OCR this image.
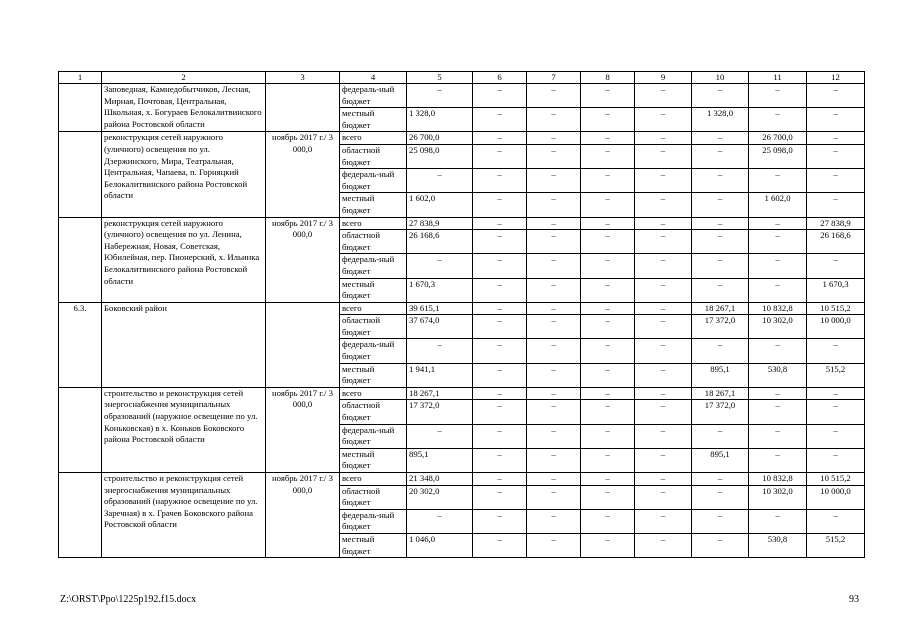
1	2	3	4	5	6	7	8	9	10	11	12
	Заповедная, Камнедобытчиков, Лесная, Мирная, Почтовая, Центральная, Школьная, х. Богураев Белокалитвинского района Ростовской области		федераль-ный бюджет	–	–	–	–	–	–	–	–
			местный бюджет	1 328,0	–	–	–	–	1 328,0	–	–
	реконструкция сетей наружного (уличного) освещения по ул. Дзержинского, Мира, Театральная, Центральная, Чапаева, п. Горняцкий Белокалитвинского района Ростовской области	ноябрь 2017 г./ 3 000,0	всего	26 700,0	–	–	–	–	–	26 700,0	–
			областной бюджет	25 098,0	–	–	–	–	–	25 098,0	–
			федераль-ный бюджет	–	–	–	–	–	–	–	–
			местный бюджет	1 602,0	–	–	–	–	–	1 602,0	–
	реконструкция сетей наружного (уличного) освещения по ул. Ленина, Набережная, Новая, Советская, Юбилейная, пер. Пионерский, х. Ильинка Белокалитвинского района Ростовской области	ноябрь 2017 г./ 3 000,0	всего	27 838,9	–	–	–	–	–	–	27 838,9
			областной бюджет	26 168,6	–	–	–	–	–	–	26 168,6
			федераль-ный бюджет	–	–	–	–	–	–	–	–
			местный бюджет	1 670,3	–	–	–	–	–	–	1 670,3
6.3.	Боковский район		всего	39 615,1	–	–	–	–	18 267,1	10 832,8	10 515,2
			областной бюджет	37 674,0	–	–	–	–	17 372,0	10 302,0	10 000,0
			федераль-ный бюджет	–	–	–	–	–	–	–	–
			местный бюджет	1 941,1	–	–	–	–	895,1	530,8	515,2
	строительство и реконструкция сетей энергоснабжения муниципальных образований (наружное освещение по ул. Коньковская) в х. Коньков Боковского района Ростовской области	ноябрь 2017 г./ 3 000,0	всего	18 267,1	–	–	–	–	18 267,1	–	–
			областной бюджет	17 372,0	–	–	–	–	17 372,0	–	–
			федераль-ный бюджет	–	–	–	–	–	–	–	–
			местный бюджет	895,1	–	–	–	–	895,1	–	–
	строительство и реконструкция сетей энергоснабжения муниципальных образований (наружное освещение по ул. Заречная) в х. Грачев Боковского района Ростовской области	ноябрь 2017 г./ 3 000,0	всего	21 348,0	–	–	–	–	–	10 832,8	10 515,2
			областной бюджет	20 302,0	–	–	–	–	–	10 302,0	10 000,0
			федераль-ный бюджет	–	–	–	–	–	–	–	–
			местный бюджет	1 046,0	–	–	–	–	–	530,8	515,2
Z:\ORST\Ppo\1225p192.f15.docx	93
